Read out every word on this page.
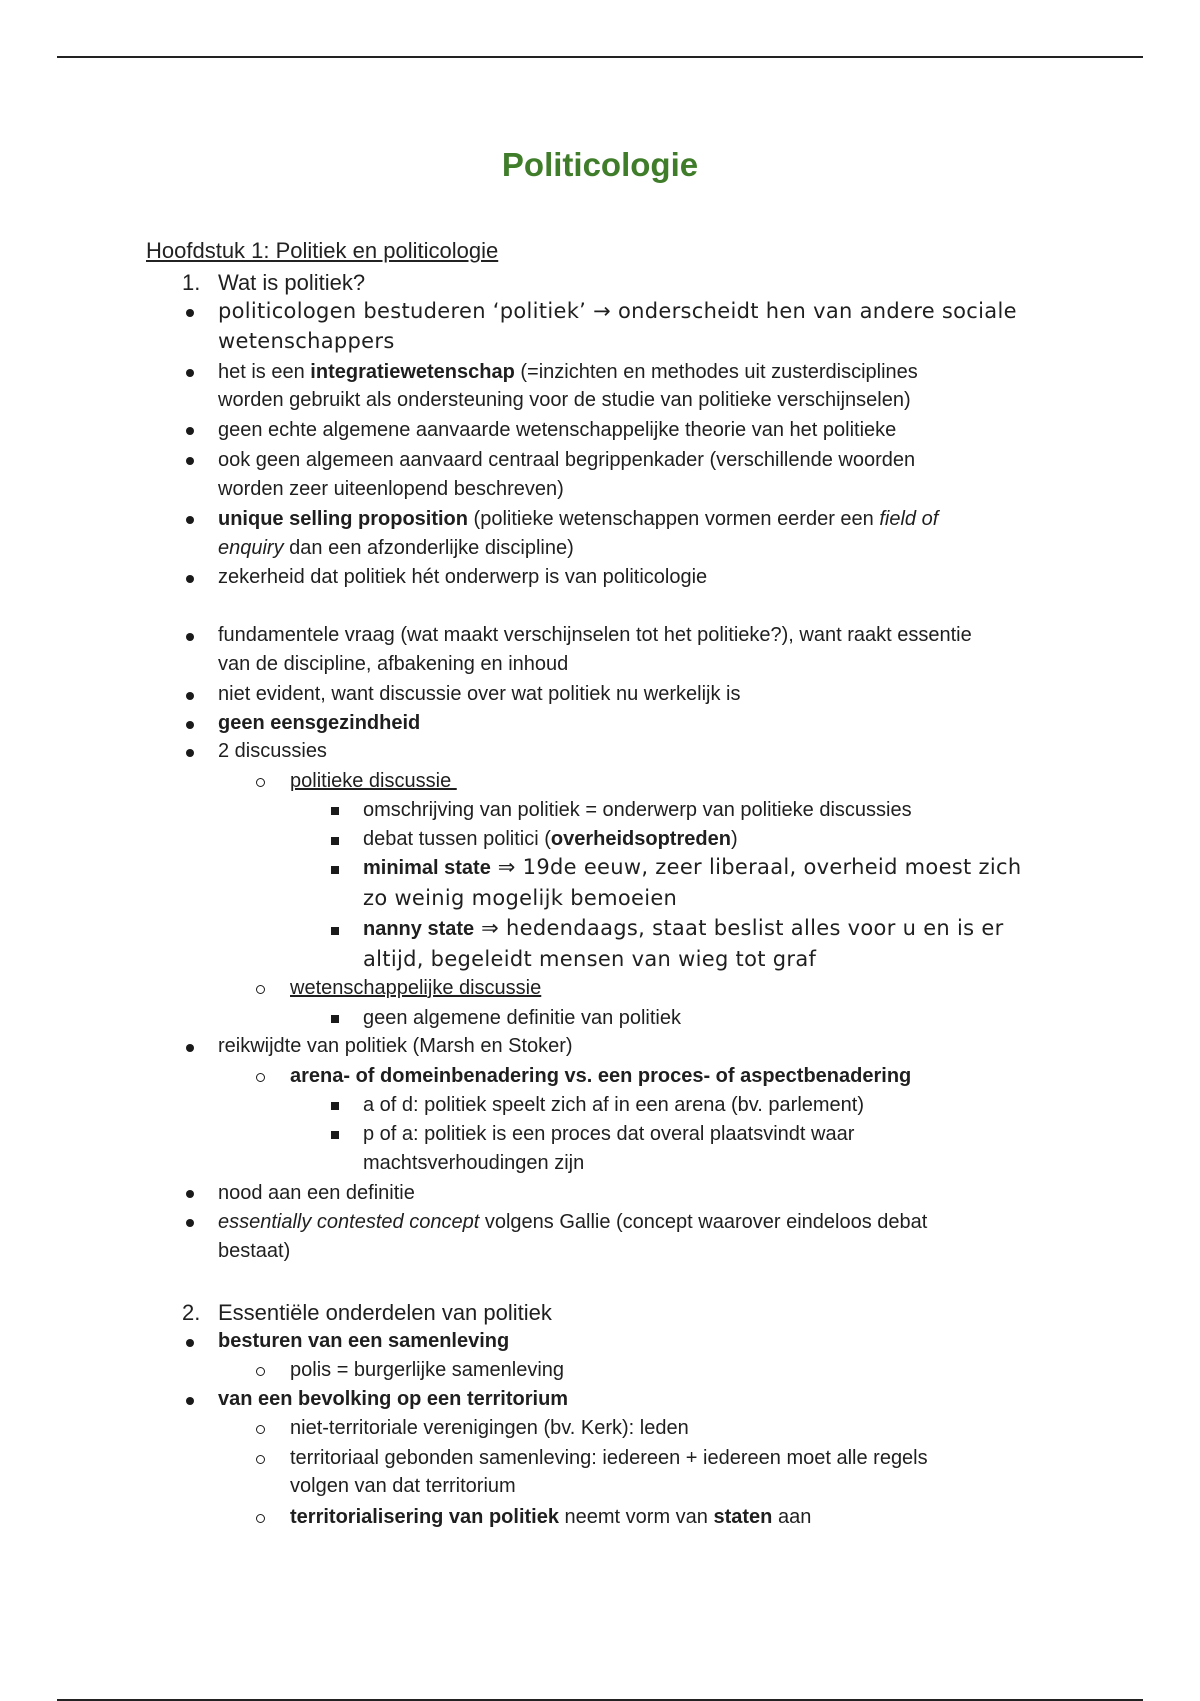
Politicologie
Hoofdstuk 1: Politiek en politicologie
1. Wat is politiek?
politicologen bestuderen ‘politiek’ → onderscheidt hen van andere sociale
wetenschappers
het is een integratiewetenschap (=inzichten en methodes uit zusterdisciplines
worden gebruikt als ondersteuning voor de studie van politieke verschijnselen)
geen echte algemene aanvaarde wetenschappelijke theorie van het politieke
ook geen algemeen aanvaard centraal begrippenkader (verschillende woorden
worden zeer uiteenlopend beschreven)
unique selling proposition (politieke wetenschappen vormen eerder een field of
enquiry dan een afzonderlijke discipline)
zekerheid dat politiek hét onderwerp is van politicologie
fundamentele vraag (wat maakt verschijnselen tot het politieke?), want raakt essentie
van de discipline, afbakening en inhoud
niet evident, want discussie over wat politiek nu werkelijk is
geen eensgezindheid
2 discussies
politieke discussie
omschrijving van politiek = onderwerp van politieke discussies
debat tussen politici (overheidsoptreden)
minimal state ⇒ 19de eeuw, zeer liberaal, overheid moest zich
zo weinig mogelijk bemoeien
nanny state ⇒ hedendaags, staat beslist alles voor u en is er
altijd, begeleidt mensen van wieg tot graf
wetenschappelijke discussie
geen algemene definitie van politiek
reikwijdte van politiek (Marsh en Stoker)
arena- of domeinbenadering vs. een proces- of aspectbenadering
a of d: politiek speelt zich af in een arena (bv. parlement)
p of a: politiek is een proces dat overal plaatsvindt waar
machtsverhoudingen zijn
nood aan een definitie
essentially contested concept volgens Gallie (concept waarover eindeloos debat
bestaat)
2. Essentiële onderdelen van politiek
besturen van een samenleving
polis = burgerlijke samenleving
van een bevolking op een territorium
niet-territoriale verenigingen (bv. Kerk): leden
territoriaal gebonden samenleving: iedereen + iedereen moet alle regels
volgen van dat territorium
territorialisering van politiek neemt vorm van staten aan
